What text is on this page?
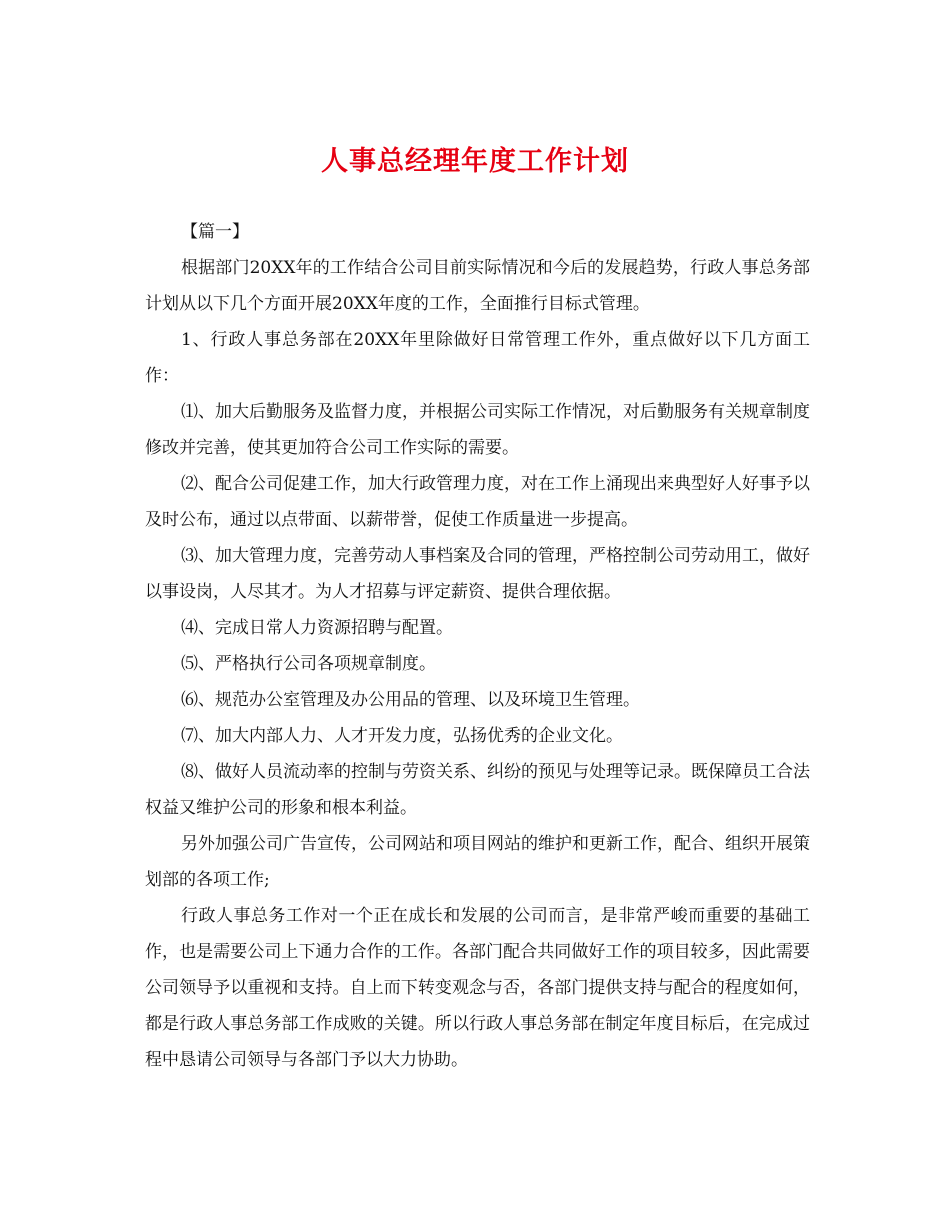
人事总经理年度工作计划

【篇一】

根据部门20XX年的工作结合公司目前实际情况和今后的发展趋势，行政人事总务部计划从以下几个方面开展20XX年度的工作，全面推行目标式管理。

1、行政人事总务部在20XX年里除做好日常管理工作外，重点做好以下几方面工作：

⑴、加大后勤服务及监督力度，并根据公司实际工作情况，对后勤服务有关规章制度修改并完善，使其更加符合公司工作实际的需要。

⑵、配合公司促建工作，加大行政管理力度，对在工作上涌现出来典型好人好事予以及时公布，通过以点带面、以薪带誉，促使工作质量进一步提高。

⑶、加大管理力度，完善劳动人事档案及合同的管理，严格控制公司劳动用工，做好以事设岗，人尽其才。为人才招募与评定薪资、提供合理依据。

⑷、完成日常人力资源招聘与配置。

⑸、严格执行公司各项规章制度。

⑹、规范办公室管理及办公用品的管理、以及环境卫生管理。

⑺、加大内部人力、人才开发力度，弘扬优秀的企业文化。

⑻、做好人员流动率的控制与劳资关系、纠纷的预见与处理等记录。既保障员工合法权益又维护公司的形象和根本利益。

另外加强公司广告宣传，公司网站和项目网站的维护和更新工作，配合、组织开展策划部的各项工作;

行政人事总务工作对一个正在成长和发展的公司而言，是非常严峻而重要的基础工作，也是需要公司上下通力合作的工作。各部门配合共同做好工作的项目较多，因此需要公司领导予以重视和支持。自上而下转变观念与否，各部门提供支持与配合的程度如何，都是行政人事总务部工作成败的关键。所以行政人事总务部在制定年度目标后，在完成过程中恳请公司领导与各部门予以大力协助。
